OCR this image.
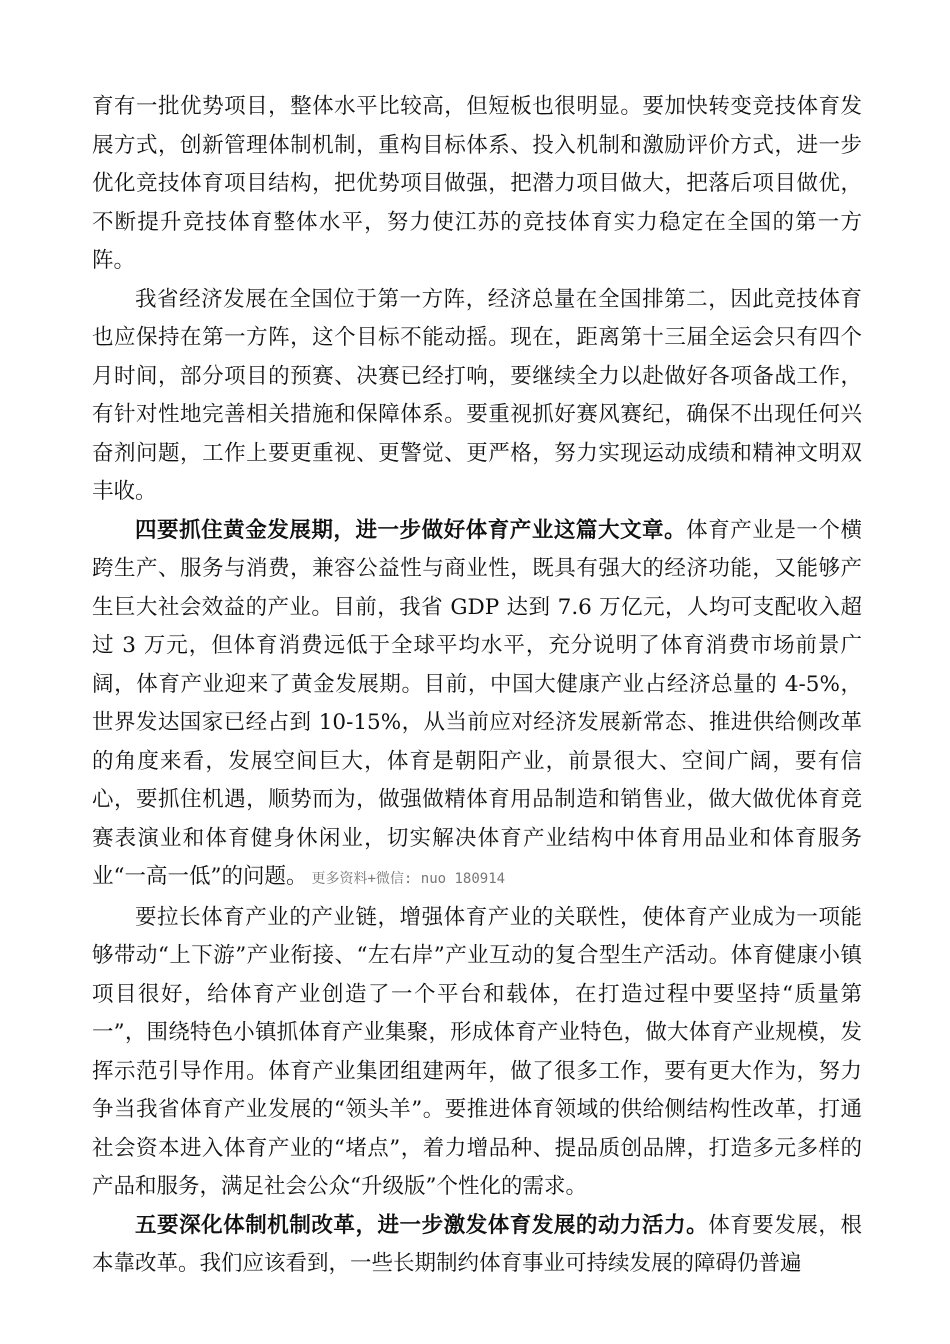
育有一批优势项目，整体水平比较高，但短板也很明显。要加快转变竞技体育发展方式，创新管理体制机制，重构目标体系、投入机制和激励评价方式，进一步优化竞技体育项目结构，把优势项目做强，把潜力项目做大，把落后项目做优，不断提升竞技体育整体水平，努力使江苏的竞技体育实力稳定在全国的第一方阵。

我省经济发展在全国位于第一方阵，经济总量在全国排第二，因此竞技体育也应保持在第一方阵，这个目标不能动摇。现在，距离第十三届全运会只有四个月时间，部分项目的预赛、决赛已经打响，要继续全力以赴做好各项备战工作，有针对性地完善相关措施和保障体系。要重视抓好赛风赛纪，确保不出现任何兴奋剂问题，工作上要更重视、更警觉、更严格，努力实现运动成绩和精神文明双丰收。

四要抓住黄金发展期，进一步做好体育产业这篇大文章。体育产业是一个横跨生产、服务与消费，兼容公益性与商业性，既具有强大的经济功能，又能够产生巨大社会效益的产业。目前，我省 GDP 达到 7.6 万亿元，人均可支配收入超过 3 万元，但体育消费远低于全球平均水平，充分说明了体育消费市场前景广阔，体育产业迎来了黄金发展期。目前，中国大健康产业占经济总量的 4-5%，世界发达国家已经占到 10-15%，从当前应对经济发展新常态、推进供给侧改革的角度来看，发展空间巨大，体育是朝阳产业，前景很大、空间广阔，要有信心，要抓住机遇，顺势而为，做强做精体育用品制造和销售业，做大做优体育竞赛表演业和体育健身休闲业，切实解决体育产业结构中体育用品业和体育服务业“一高一低”的问题。 更多资料+微信: nuo 180914

要拉长体育产业的产业链，增强体育产业的关联性，使体育产业成为一项能够带动“上下游”产业衔接、“左右岸”产业互动的复合型生产活动。体育健康小镇项目很好，给体育产业创造了一个平台和载体，在打造过程中要坚持“质量第一”，围绕特色小镇抓体育产业集聚，形成体育产业特色，做大体育产业规模，发挥示范引导作用。体育产业集团组建两年，做了很多工作，要有更大作为，努力争当我省体育产业发展的“领头羊”。要推进体育领域的供给侧结构性改革，打通社会资本进入体育产业的“堵点”，着力增品种、提品质创品牌，打造多元多样的产品和服务，满足社会公众“升级版”个性化的需求。

五要深化体制机制改革，进一步激发体育发展的动力活力。体育要发展，根本靠改革。我们应该看到，一些长期制约体育事业可持续发展的障碍仍普遍
